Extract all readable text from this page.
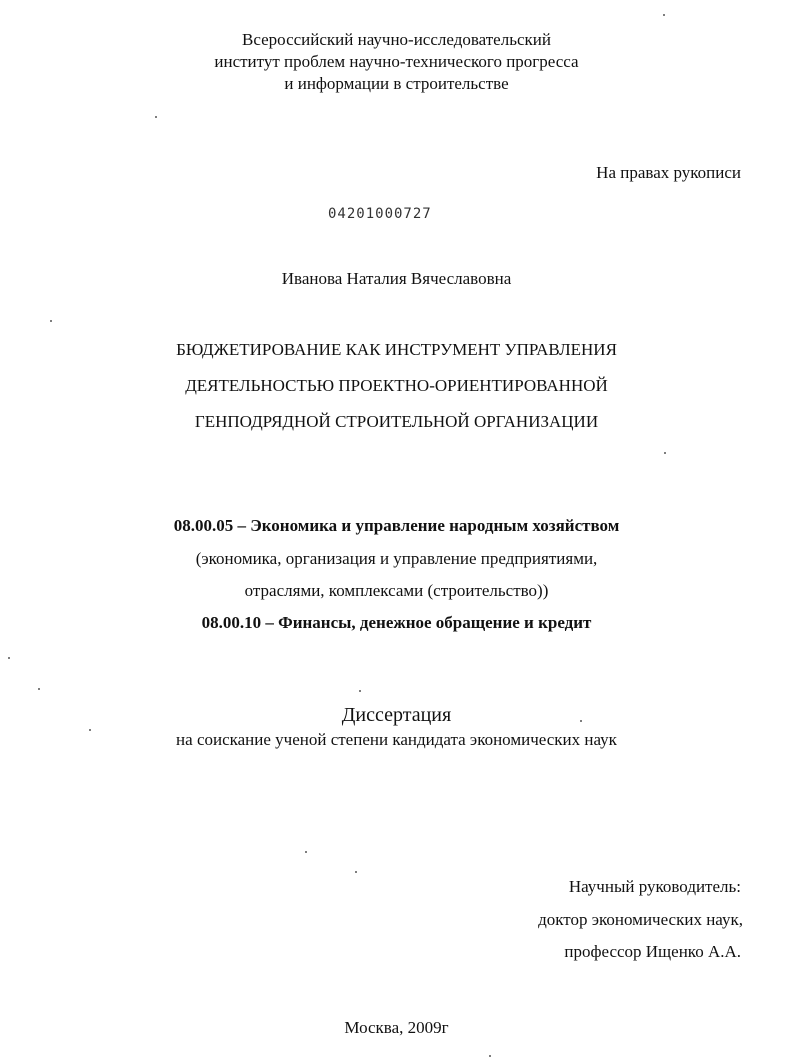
Всероссийский научно-исследовательский
институт проблем научно-технического прогресса
и информации в строительстве
На правах рукописи
04201000727
Иванова Наталия Вячеславовна
БЮДЖЕТИРОВАНИЕ КАК ИНСТРУМЕНТ УПРАВЛЕНИЯ
ДЕЯТЕЛЬНОСТЬЮ ПРОЕКТНО-ОРИЕНТИРОВАННОЙ
ГЕНПОДРЯДНОЙ СТРОИТЕЛЬНОЙ ОРГАНИЗАЦИИ
08.00.05 – Экономика и управление народным хозяйством
(экономика, организация и управление предприятиями,
отраслями, комплексами (строительство))
08.00.10 – Финансы, денежное обращение и кредит
Диссертация
на соискание ученой степени кандидата экономических наук
Научный руководитель:
доктор экономических наук,
профессор Ищенко А.А.
Москва, 2009г
